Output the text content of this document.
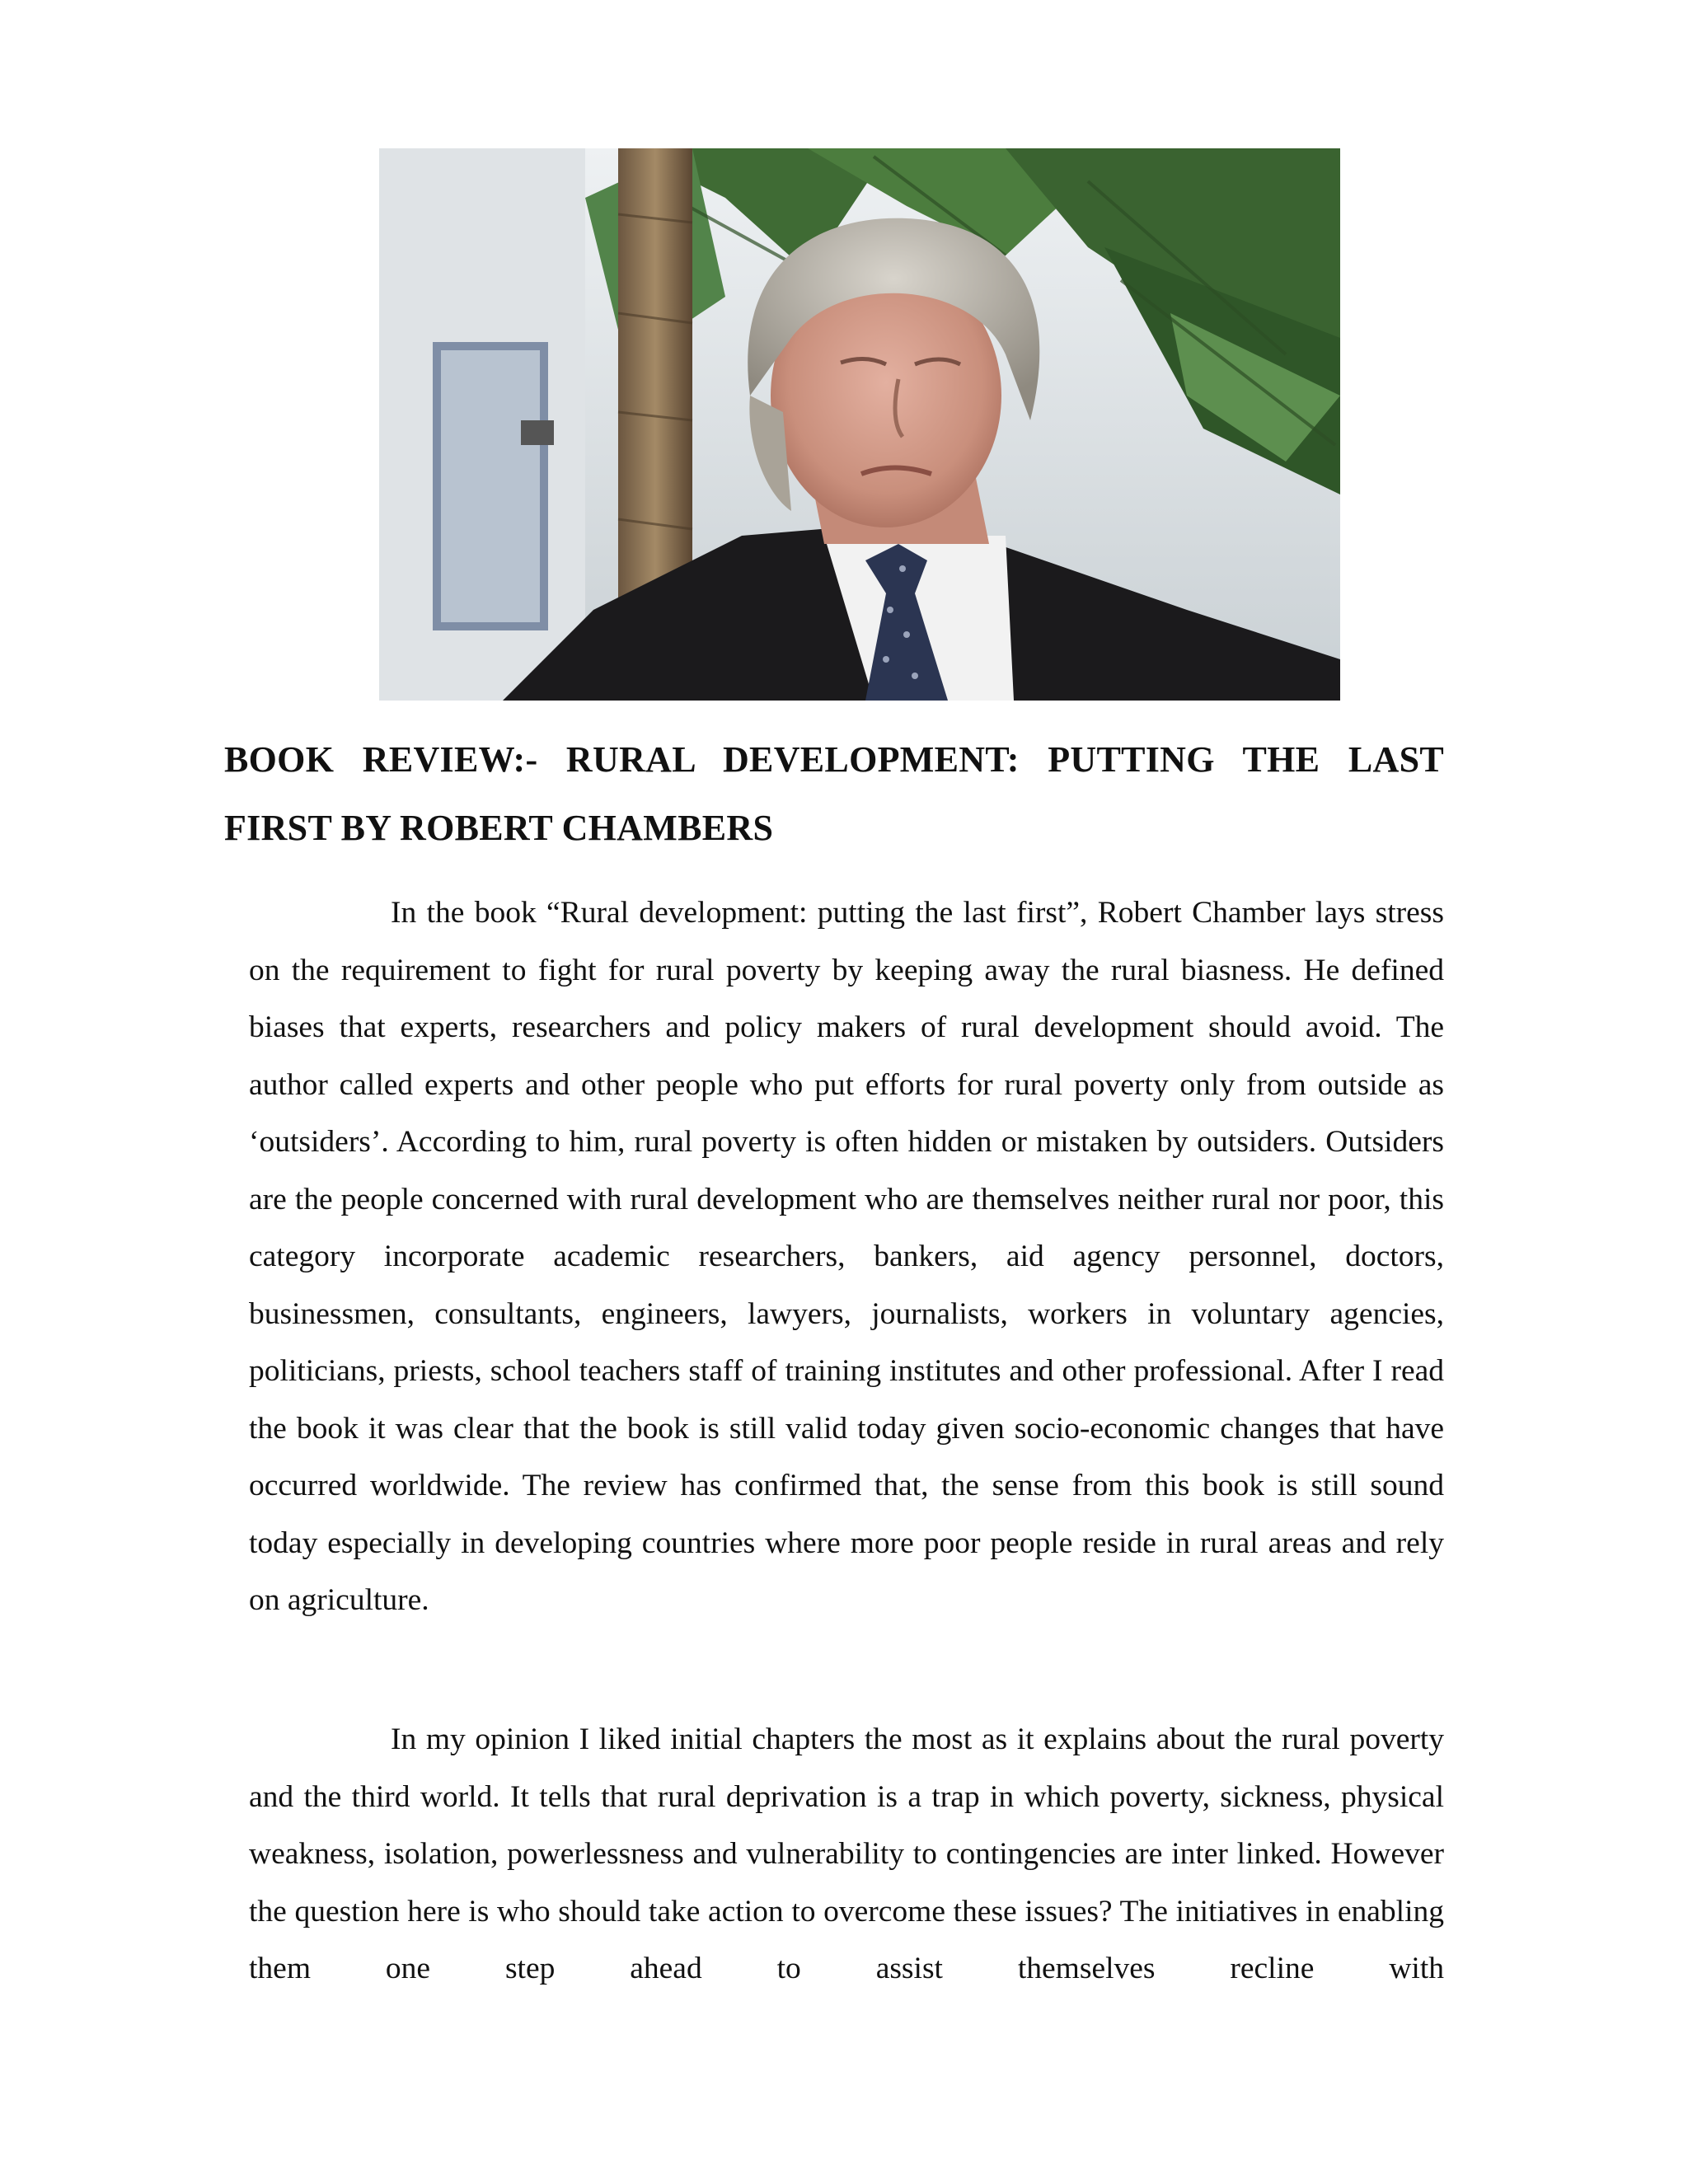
BOOK REVIEW:- RURAL DEVELOPMENT: PUTTING THE LAST FIRST BY ROBERT CHAMBERS

In the book “Rural development: putting the last first”, Robert Chamber lays stress on the requirement to fight for rural poverty by keeping away the rural biasness. He defined biases that experts, researchers and policy makers of rural development should avoid. The author called experts and other people who put efforts for rural poverty only from outside as ‘outsiders’. According to him, rural poverty is often hidden or mistaken by outsiders. Outsiders are the people concerned with rural development who are themselves neither rural nor poor, this category incorporate academic researchers, bankers, aid agency personnel, doctors, businessmen, consultants, engineers, lawyers, journalists, workers in voluntary agencies, politicians, priests, school teachers staff of training institutes and other professional. After I read the book it was clear that the book is still valid today given socio-economic changes that have occurred worldwide. The review has confirmed that, the sense from this book is still sound today especially in developing countries where more poor people reside in rural areas and rely on agriculture.

In my opinion I liked initial chapters the most as it explains about the rural poverty and the third world. It tells that rural deprivation is a trap in which poverty, sickness, physical weakness, isolation, powerlessness and vulnerability to contingencies are inter linked. However the question here is who should take action to overcome these issues? The initiatives in enabling them one step ahead to assist themselves recline with
